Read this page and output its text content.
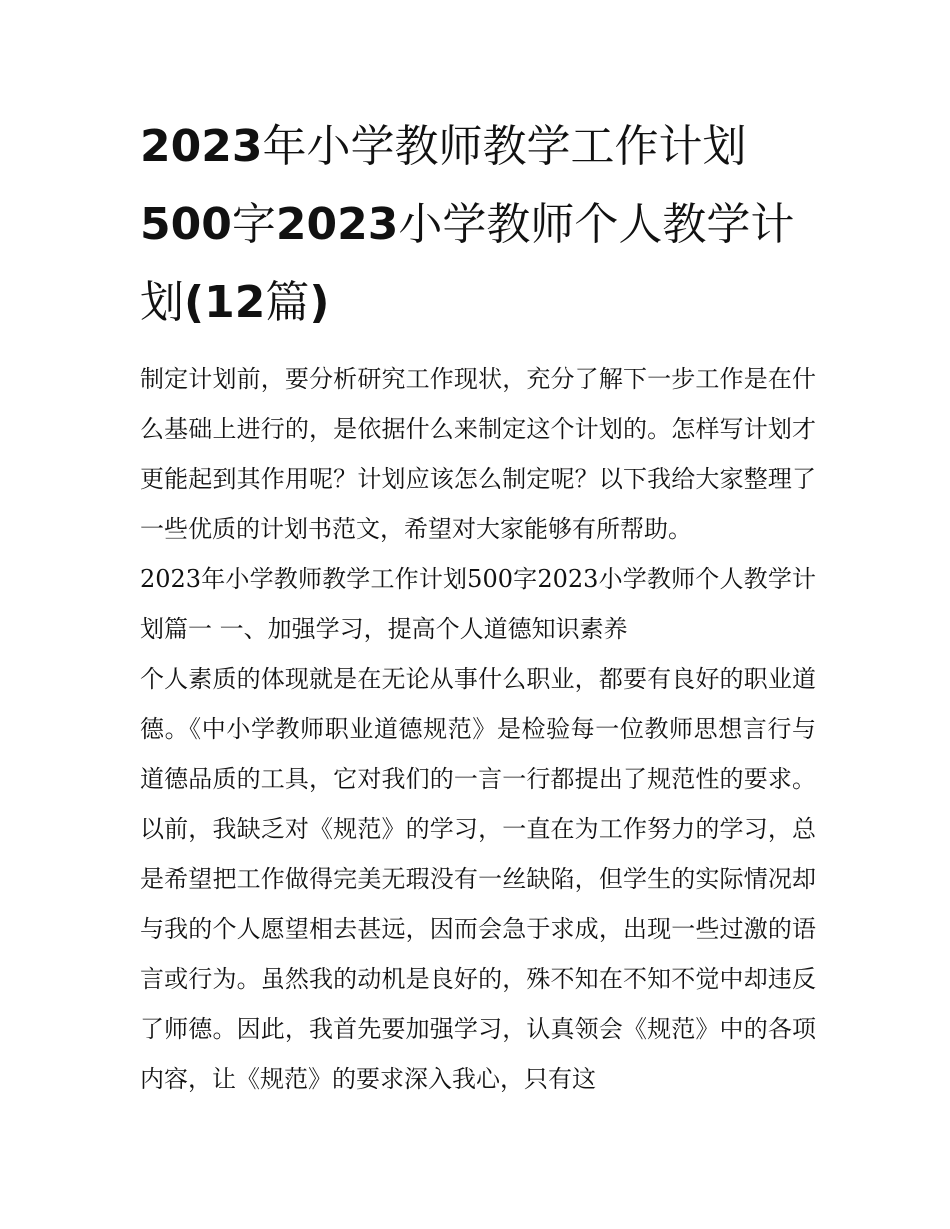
2023年小学教师教学工作计划500字2023小学教师个人教学计划(12篇)

制定计划前，要分析研究工作现状，充分了解下一步工作是在什么基础上进行的，是依据什么来制定这个计划的。怎样写计划才更能起到其作用呢？计划应该怎么制定呢？以下我给大家整理了一些优质的计划书范文，希望对大家能够有所帮助。

2023年小学教师教学工作计划500字2023小学教师个人教学计划篇一 一、加强学习，提高个人道德知识素养

个人素质的体现就是在无论从事什么职业，都要有良好的职业道德。《中小学教师职业道德规范》是检验每一位教师思想言行与道德品质的工具，它对我们的一言一行都提出了规范性的要求。以前，我缺乏对《规范》的学习，一直在为工作努力的学习，总是希望把工作做得完美无瑕没有一丝缺陷，但学生的实际情况却与我的个人愿望相去甚远，因而会急于求成，出现一些过激的语言或行为。虽然我的动机是良好的，殊不知在不知不觉中却违反了师德。因此，我首先要加强学习，认真领会《规范》中的各项内容，让《规范》的要求深入我心，只有这
